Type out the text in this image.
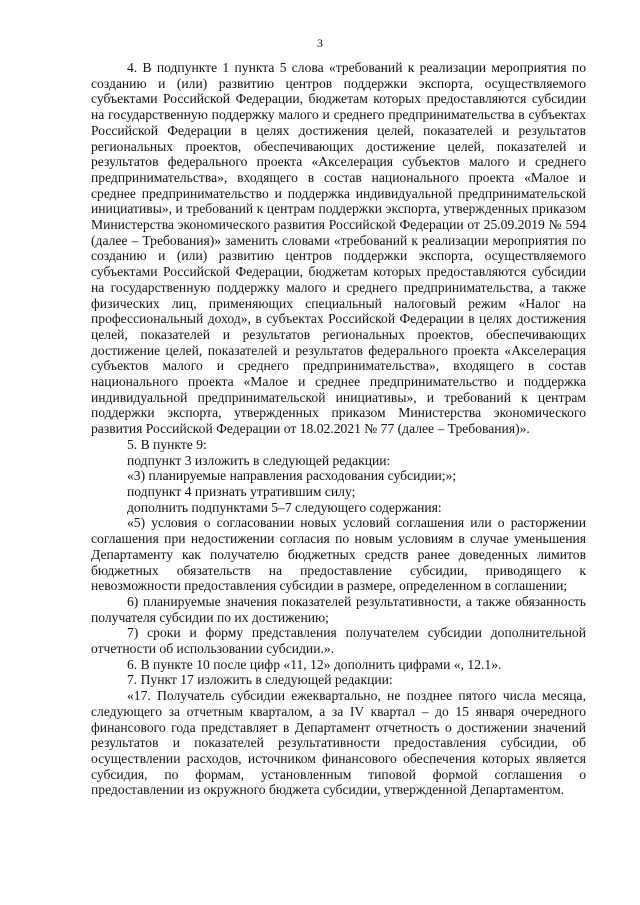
3

4. В подпункте 1 пункта 5 слова «требований к реализации мероприятия по созданию и (или) развитию центров поддержки экспорта, осуществляемого субъектами Российской Федерации, бюджетам которых предоставляются субсидии на государственную поддержку малого и среднего предпринимательства в субъектах Российской Федерации в целях достижения целей, показателей и результатов региональных проектов, обеспечивающих достижение целей, показателей и результатов федерального проекта «Акселерация субъектов малого и среднего предпринимательства», входящего в состав национального проекта «Малое и среднее предпринимательство и поддержка индивидуальной предпринимательской инициативы», и требований к центрам поддержки экспорта, утвержденных приказом Министерства экономического развития Российской Федерации от 25.09.2019 № 594 (далее – Требования)» заменить словами «требований к реализации мероприятия по созданию и (или) развитию центров поддержки экспорта, осуществляемого субъектами Российской Федерации, бюджетам которых предоставляются субсидии на государственную поддержку малого и среднего предпринимательства, а также физических лиц, применяющих специальный налоговый режим «Налог на профессиональный доход», в субъектах Российской Федерации в целях достижения целей, показателей и результатов региональных проектов, обеспечивающих достижение целей, показателей и результатов федерального проекта «Акселерация субъектов малого и среднего предпринимательства», входящего в состав национального проекта «Малое и среднее предпринимательство и поддержка индивидуальной предпринимательской инициативы», и требований к центрам поддержки экспорта, утвержденных приказом Министерства экономического развития Российской Федерации от 18.02.2021 № 77 (далее – Требования)».

5. В пункте 9:

подпункт 3 изложить в следующей редакции:

«3) планируемые направления расходования субсидии;»;

подпункт 4 признать утратившим силу;

дополнить подпунктами 5–7 следующего содержания:

«5) условия о согласовании новых условий соглашения или о расторжении соглашения при недостижении согласия по новым условиям в случае уменьшения Департаменту как получателю бюджетных средств ранее доведенных лимитов бюджетных обязательств на предоставление субсидии, приводящего к невозможности предоставления субсидии в размере, определенном в соглашении;

6) планируемые значения показателей результативности, а также обязанность получателя субсидии по их достижению;

7) сроки и форму представления получателем субсидии дополнительной отчетности об использовании субсидии.».

6. В пункте 10 после цифр «11, 12» дополнить цифрами «, 12.1».

7. Пункт 17 изложить в следующей редакции:

«17. Получатель субсидии ежеквартально, не позднее пятого числа месяца, следующего за отчетным кварталом, а за IV квартал – до 15 января очередного финансового года представляет в Департамент отчетность о достижении значений результатов и показателей результативности предоставления субсидии, об осуществлении расходов, источником финансового обеспечения которых является субсидия, по формам, установленным типовой формой соглашения о предоставлении из окружного бюджета субсидии, утвержденной Департаментом.
